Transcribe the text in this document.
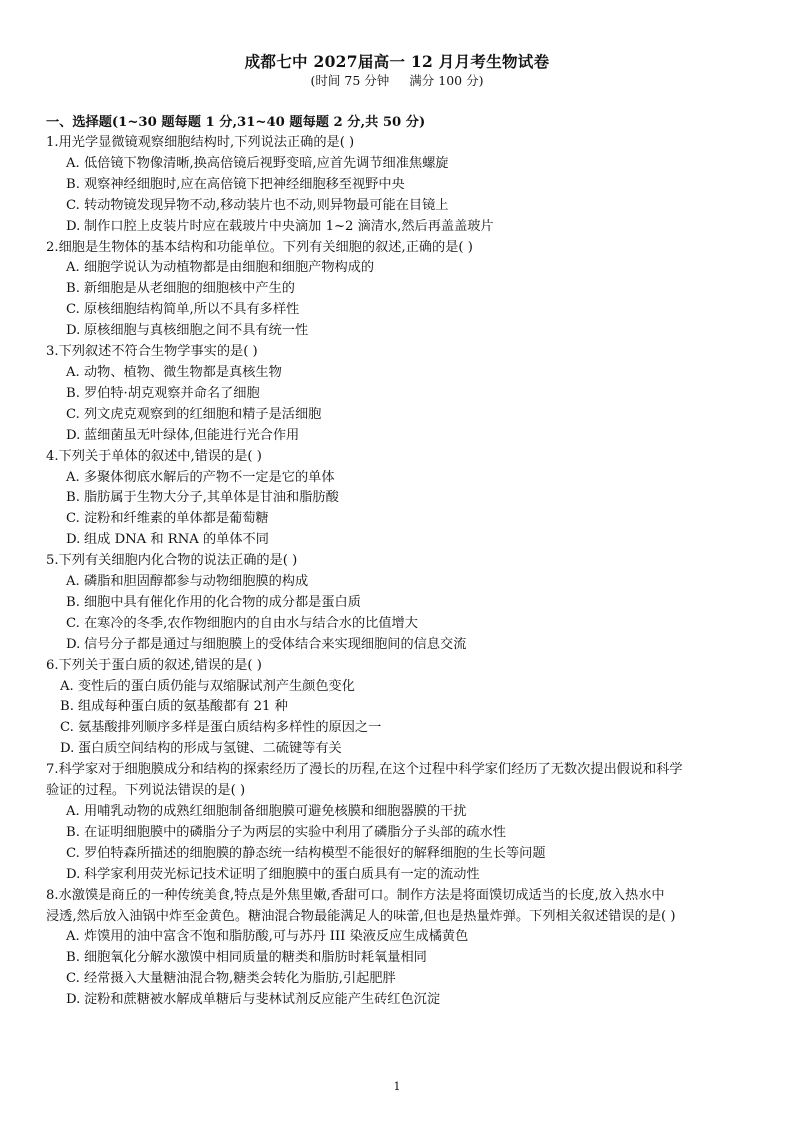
成都七中 2027届高一 12 月月考生物试卷
(时间 75 分钟 满分 100 分)
一、选择题(1~30 题每题 1 分,31~40 题每题 2 分,共 50 分)
1.用光学显微镜观察细胞结构时,下列说法正确的是( )
A. 低倍镜下物像清晰,换高倍镜后视野变暗,应首先调节细准焦螺旋
B. 观察神经细胞时,应在高倍镜下把神经细胞移至视野中央
C. 转动物镜发现异物不动,移动装片也不动,则异物最可能在目镜上
D. 制作口腔上皮装片时应在载玻片中央滴加 1~2 滴清水,然后再盖盖玻片
2.细胞是生物体的基本结构和功能单位。下列有关细胞的叙述,正确的是( )
A. 细胞学说认为动植物都是由细胞和细胞产物构成的
B. 新细胞是从老细胞的细胞核中产生的
C. 原核细胞结构简单,所以不具有多样性
D. 原核细胞与真核细胞之间不具有统一性
3.下列叙述不符合生物学事实的是( )
A. 动物、植物、微生物都是真核生物
B. 罗伯特·胡克观察并命名了细胞
C. 列文虎克观察到的红细胞和精子是活细胞
D. 蓝细菌虽无叶绿体,但能进行光合作用
4.下列关于单体的叙述中,错误的是( )
A. 多聚体彻底水解后的产物不一定是它的单体
B. 脂肪属于生物大分子,其单体是甘油和脂肪酸
C. 淀粉和纤维素的单体都是葡萄糖
D. 组成 DNA 和 RNA 的单体不同
5.下列有关细胞内化合物的说法正确的是( )
A. 磷脂和胆固醇都参与动物细胞膜的构成
B. 细胞中具有催化作用的化合物的成分都是蛋白质
C. 在寒冷的冬季,农作物细胞内的自由水与结合水的比值增大
D. 信号分子都是通过与细胞膜上的受体结合来实现细胞间的信息交流
6.下列关于蛋白质的叙述,错误的是( )
A. 变性后的蛋白质仍能与双缩脲试剂产生颜色变化
B. 组成每种蛋白质的氨基酸都有 21 种
C. 氨基酸排列顺序多样是蛋白质结构多样性的原因之一
D. 蛋白质空间结构的形成与氢键、二硫键等有关
7.科学家对于细胞膜成分和结构的探索经历了漫长的历程,在这个过程中科学家们经历了无数次提出假说和科学
验证的过程。下列说法错误的是( )
A. 用哺乳动物的成熟红细胞制备细胞膜可避免核膜和细胞器膜的干扰
B. 在证明细胞膜中的磷脂分子为两层的实验中利用了磷脂分子头部的疏水性
C. 罗伯特森所描述的细胞膜的静态统一结构模型不能很好的解释细胞的生长等问题
D. 科学家利用荧光标记技术证明了细胞膜中的蛋白质具有一定的流动性
8.水激馍是商丘的一种传统美食,特点是外焦里嫩,香甜可口。制作方法是将面馍切成适当的长度,放入热水中
浸透,然后放入油锅中炸至金黄色。糖油混合物最能满足人的味蕾,但也是热量炸弹。下列相关叙述错误的是( )
A. 炸馍用的油中富含不饱和脂肪酸,可与苏丹 III 染液反应生成橘黄色
B. 细胞氧化分解水激馍中相同质量的糖类和脂肪时耗氧量相同
C. 经常摄入大量糖油混合物,糖类会转化为脂肪,引起肥胖
D. 淀粉和蔗糖被水解成单糖后与斐林试剂反应能产生砖红色沉淀
1
